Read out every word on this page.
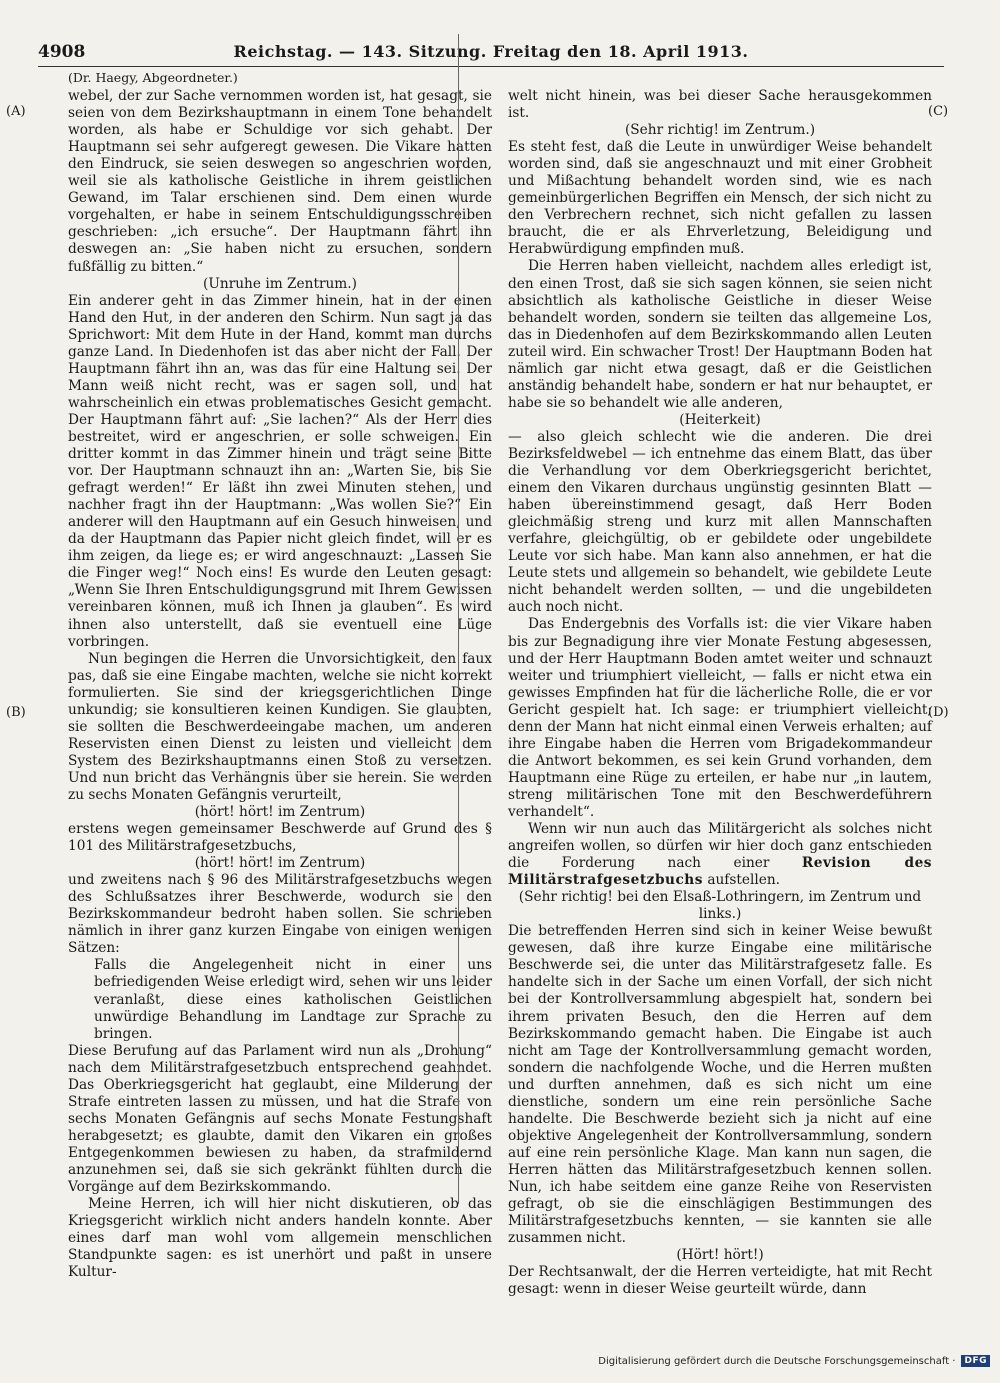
4908	Reichstag. — 143. Sitzung. Freitag den 18. April 1913.

(Dr. Haegy, Abgeordneter.)

webel, der zur Sache vernommen worden ist, hat gesagt, sie seien von dem Bezirkshauptmann in einem Tone behandelt worden, als habe er Schuldige vor sich gehabt. Der Hauptmann sei sehr aufgeregt gewesen. Die Vikare hatten den Eindruck, sie seien deswegen so angeschrien worden, weil sie als katholische Geistliche in ihrem geistlichen Gewand, im Talar erschienen sind. Dem einen wurde vorgehalten, er habe in seinem Entschuldigungsschreiben geschrieben: „ich ersuche“. Der Hauptmann fährt ihn deswegen an: „Sie haben nicht zu ersuchen, sondern fußfällig zu bitten.“

(Unruhe im Zentrum.)

Ein anderer geht in das Zimmer hinein, hat in der einen Hand den Hut, in der anderen den Schirm. Nun sagt ja das Sprichwort: Mit dem Hute in der Hand, kommt man durchs ganze Land. In Diedenhofen ist das aber nicht der Fall. Der Hauptmann fährt ihn an, was das für eine Haltung sei. Der Mann weiß nicht recht, was er sagen soll, und hat wahrscheinlich ein etwas problematisches Gesicht gemacht. Der Hauptmann fährt auf: „Sie lachen?“ Als der Herr dies bestreitet, wird er angeschrien, er solle schweigen. Ein dritter kommt in das Zimmer hinein und trägt seine Bitte vor. Der Hauptmann schnauzt ihn an: „Warten Sie, bis Sie gefragt werden!“ Er läßt ihn zwei Minuten stehen, und nachher fragt ihn der Hauptmann: „Was wollen Sie?“ Ein anderer will den Hauptmann auf ein Gesuch hinweisen, und da der Hauptmann das Papier nicht gleich findet, will er es ihm zeigen, da liege es; er wird angeschnauzt: „Lassen Sie die Finger weg!“ Noch eins! Es wurde den Leuten gesagt: „Wenn Sie Ihren Entschuldigungsgrund mit Ihrem Gewissen vereinbaren können, muß ich Ihnen ja glauben“. Es wird ihnen also unterstellt, daß sie eventuell eine Lüge vorbringen.

Nun begingen die Herren die Unvorsichtigkeit, den faux pas, daß sie eine Eingabe machten, welche sie nicht korrekt formulierten. Sie sind der kriegsgerichtlichen Dinge unkundig; sie konsultieren keinen Kundigen. Sie glaubten, sie sollten die Beschwerdeeingabe machen, um anderen Reservisten einen Dienst zu leisten und vielleicht dem System des Bezirkshauptmanns einen Stoß zu versetzen. Und nun bricht das Verhängnis über sie herein. Sie werden zu sechs Monaten Gefängnis verurteilt,

(hört! hört! im Zentrum)

erstens wegen gemeinsamer Beschwerde auf Grund des § 101 des Militärstrafgesetzbuchs,

(hört! hört! im Zentrum)

und zweitens nach § 96 des Militärstrafgesetzbuchs wegen des Schlußsatzes ihrer Beschwerde, wodurch sie den Bezirkskommandeur bedroht haben sollen. Sie schrieben nämlich in ihrer ganz kurzen Eingabe von einigen wenigen Sätzen:

Falls die Angelegenheit nicht in einer uns befriedigenden Weise erledigt wird, sehen wir uns leider veranlaßt, diese eines katholischen Geistlichen unwürdige Behandlung im Landtage zur Sprache zu bringen.

Diese Berufung auf das Parlament wird nun als „Drohung“ nach dem Militärstrafgesetzbuch entsprechend geahndet. Das Oberkriegsgericht hat geglaubt, eine Milderung der Strafe eintreten lassen zu müssen, und hat die Strafe von sechs Monaten Gefängnis auf sechs Monate Festungshaft herabgesetzt; es glaubte, damit den Vikaren ein großes Entgegenkommen bewiesen zu haben, da strafmildernd anzunehmen sei, daß sie sich gekränkt fühlten durch die Vorgänge auf dem Bezirkskommando.

Meine Herren, ich will hier nicht diskutieren, ob das Kriegsgericht wirklich nicht anders handeln konnte. Aber eines darf man wohl vom allgemein menschlichen Standpunkte sagen: es ist unerhört und paßt in unsere Kultur-

welt nicht hinein, was bei dieser Sache herausgekommen ist.

(Sehr richtig! im Zentrum.)

Es steht fest, daß die Leute in unwürdiger Weise behandelt worden sind, daß sie angeschnauzt und mit einer Grobheit und Mißachtung behandelt worden sind, wie es nach gemeinbürgerlichen Begriffen ein Mensch, der sich nicht zu den Verbrechern rechnet, sich nicht gefallen zu lassen braucht, die er als Ehrverletzung, Beleidigung und Herabwürdigung empfinden muß.

Die Herren haben vielleicht, nachdem alles erledigt ist, den einen Trost, daß sie sich sagen können, sie seien nicht absichtlich als katholische Geistliche in dieser Weise behandelt worden, sondern sie teilten das allgemeine Los, das in Diedenhofen auf dem Bezirkskommando allen Leuten zuteil wird. Ein schwacher Trost! Der Hauptmann Boden hat nämlich gar nicht etwa gesagt, daß er die Geistlichen anständig behandelt habe, sondern er hat nur behauptet, er habe sie so behandelt wie alle anderen,

(Heiterkeit)

— also gleich schlecht wie die anderen. Die drei Bezirksfeldwebel — ich entnehme das einem Blatt, das über die Verhandlung vor dem Oberkriegsgericht berichtet, einem den Vikaren durchaus ungünstig gesinnten Blatt — haben übereinstimmend gesagt, daß Herr Boden gleichmäßig streng und kurz mit allen Mannschaften verfahre, gleichgültig, ob er gebildete oder ungebildete Leute vor sich habe. Man kann also annehmen, er hat die Leute stets und allgemein so behandelt, wie gebildete Leute nicht behandelt werden sollten, — und die ungebildeten auch noch nicht.

Das Endergebnis des Vorfalls ist: die vier Vikare haben bis zur Begnadigung ihre vier Monate Festung abgesessen, und der Herr Hauptmann Boden amtet weiter und schnauzt weiter und triumphiert vielleicht, — falls er nicht etwa ein gewisses Empfinden hat für die lächerliche Rolle, die er vor Gericht gespielt hat. Ich sage: er triumphiert vielleicht; denn der Mann hat nicht einmal einen Verweis erhalten; auf ihre Eingabe haben die Herren vom Brigadekommandeur die Antwort bekommen, es sei kein Grund vorhanden, dem Hauptmann eine Rüge zu erteilen, er habe nur „in lautem, streng militärischen Tone mit den Beschwerdeführern verhandelt“.

Wenn wir nun auch das Militärgericht als solches nicht angreifen wollen, so dürfen wir hier doch ganz entschieden die Forderung nach einer Revision des Militärstrafgesetzbuchs aufstellen.

(Sehr richtig! bei den Elsaß-Lothringern, im Zentrum und links.)

Die betreffenden Herren sind sich in keiner Weise bewußt gewesen, daß ihre kurze Eingabe eine militärische Beschwerde sei, die unter das Militärstrafgesetz falle. Es handelte sich in der Sache um einen Vorfall, der sich nicht bei der Kontrollversammlung abgespielt hat, sondern bei ihrem privaten Besuch, den die Herren auf dem Bezirkskommando gemacht haben. Die Eingabe ist auch nicht am Tage der Kontrollversammlung gemacht worden, sondern die nachfolgende Woche, und die Herren mußten und durften annehmen, daß es sich nicht um eine dienstliche, sondern um eine rein persönliche Sache handelte. Die Beschwerde bezieht sich ja nicht auf eine objektive Angelegenheit der Kontrollversammlung, sondern auf eine rein persönliche Klage. Man kann nun sagen, die Herren hätten das Militärstrafgesetzbuch kennen sollen. Nun, ich habe seitdem eine ganze Reihe von Reservisten gefragt, ob sie die einschlägigen Bestimmungen des Militärstrafgesetzbuchs kennten, — sie kannten sie alle zusammen nicht.

(Hört! hört!)

Der Rechtsanwalt, der die Herren verteidigte, hat mit Recht gesagt: wenn in dieser Weise geurteilt würde, dann

(A)
(B)
(C)
(D)
Digitalisierung gefördert durch die Deutsche Forschungsgemeinschaft ·	DFG
